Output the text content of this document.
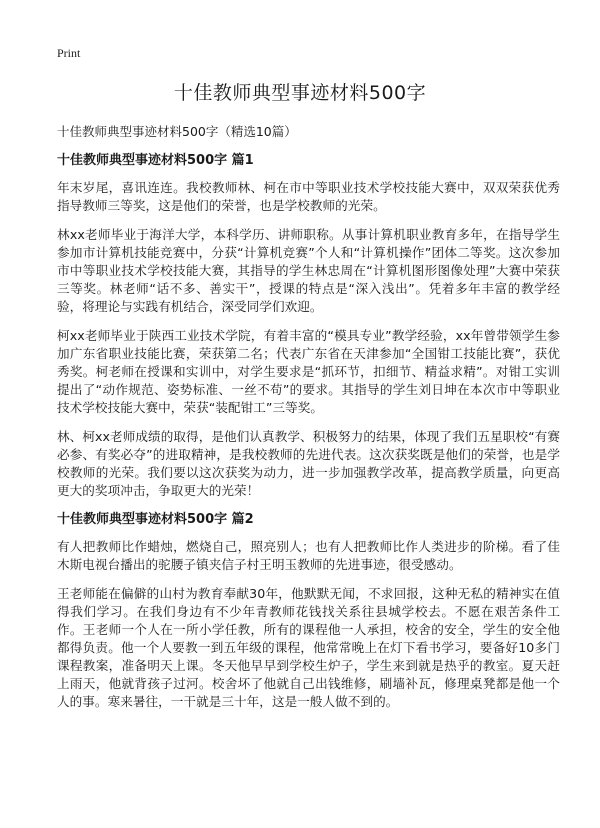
Print
十佳教师典型事迹材料500字

十佳教师典型事迹材料500字（精选10篇）

十佳教师典型事迹材料500字 篇1

年末岁尾，喜讯连连。我校教师林、柯在市中等职业技术学校技能大赛中，双双荣获优秀指导教师三等奖，这是他们的荣誉，也是学校教师的光荣。

林xx老师毕业于海洋大学，本科学历、讲师职称。从事计算机职业教育多年，在指导学生参加市计算机技能竞赛中，分获“计算机竞赛”个人和“计算机操作”团体二等奖。这次参加市中等职业技术学校技能大赛，其指导的学生林忠周在“计算机图形图像处理”大赛中荣获三等奖。林老师“话不多、善实干”，授课的特点是“深入浅出”。凭着多年丰富的教学经验，将理论与实践有机结合，深受同学们欢迎。

柯xx老师毕业于陕西工业技术学院，有着丰富的“模具专业”教学经验，xx年曾带领学生参加广东省职业技能比赛，荣获第二名；代表广东省在天津参加“全国钳工技能比赛”，获优秀奖。柯老师在授课和实训中，对学生要求是“抓环节，扣细节、精益求精”。对钳工实训提出了“动作规范、姿势标准、一丝不苟”的要求。其指导的学生刘日坤在本次市中等职业技术学校技能大赛中，荣获“装配钳工”三等奖。

林、柯xx老师成绩的取得，是他们认真教学、积极努力的结果，体现了我们五星职校“有赛必参、有奖必夺”的进取精神，是我校教师的先进代表。这次获奖既是他们的荣誉，也是学校教师的光荣。我们要以这次获奖为动力，进一步加强教学改革，提高教学质量，向更高更大的奖项冲击，争取更大的光荣！

十佳教师典型事迹材料500字 篇2

有人把教师比作蜡烛，燃烧自己，照亮别人；也有人把教师比作人类进步的阶梯。看了佳木斯电视台播出的驼腰子镇夹信子村王明玉教师的先进事迹，很受感动。

王老师能在偏僻的山村为教育奉献30年，他默默无闻，不求回报，这种无私的精神实在值得我们学习。在我们身边有不少年青教师花钱找关系往县城学校去。不愿在艰苦条件工作。王老师一个人在一所小学任教，所有的课程他一人承担，校舍的安全，学生的安全他都得负责。他一个人要教一到五年级的课程，他常常晚上在灯下看书学习，要备好10多门课程教案，准备明天上课。冬天他早早到学校生炉子，学生来到就是热乎的教室。夏天赶上雨天，他就背孩子过河。校舍坏了他就自己出钱维修，刷墙补瓦，修理桌凳都是他一个人的事。寒来暑往，一干就是三十年，这是一般人做不到的。
